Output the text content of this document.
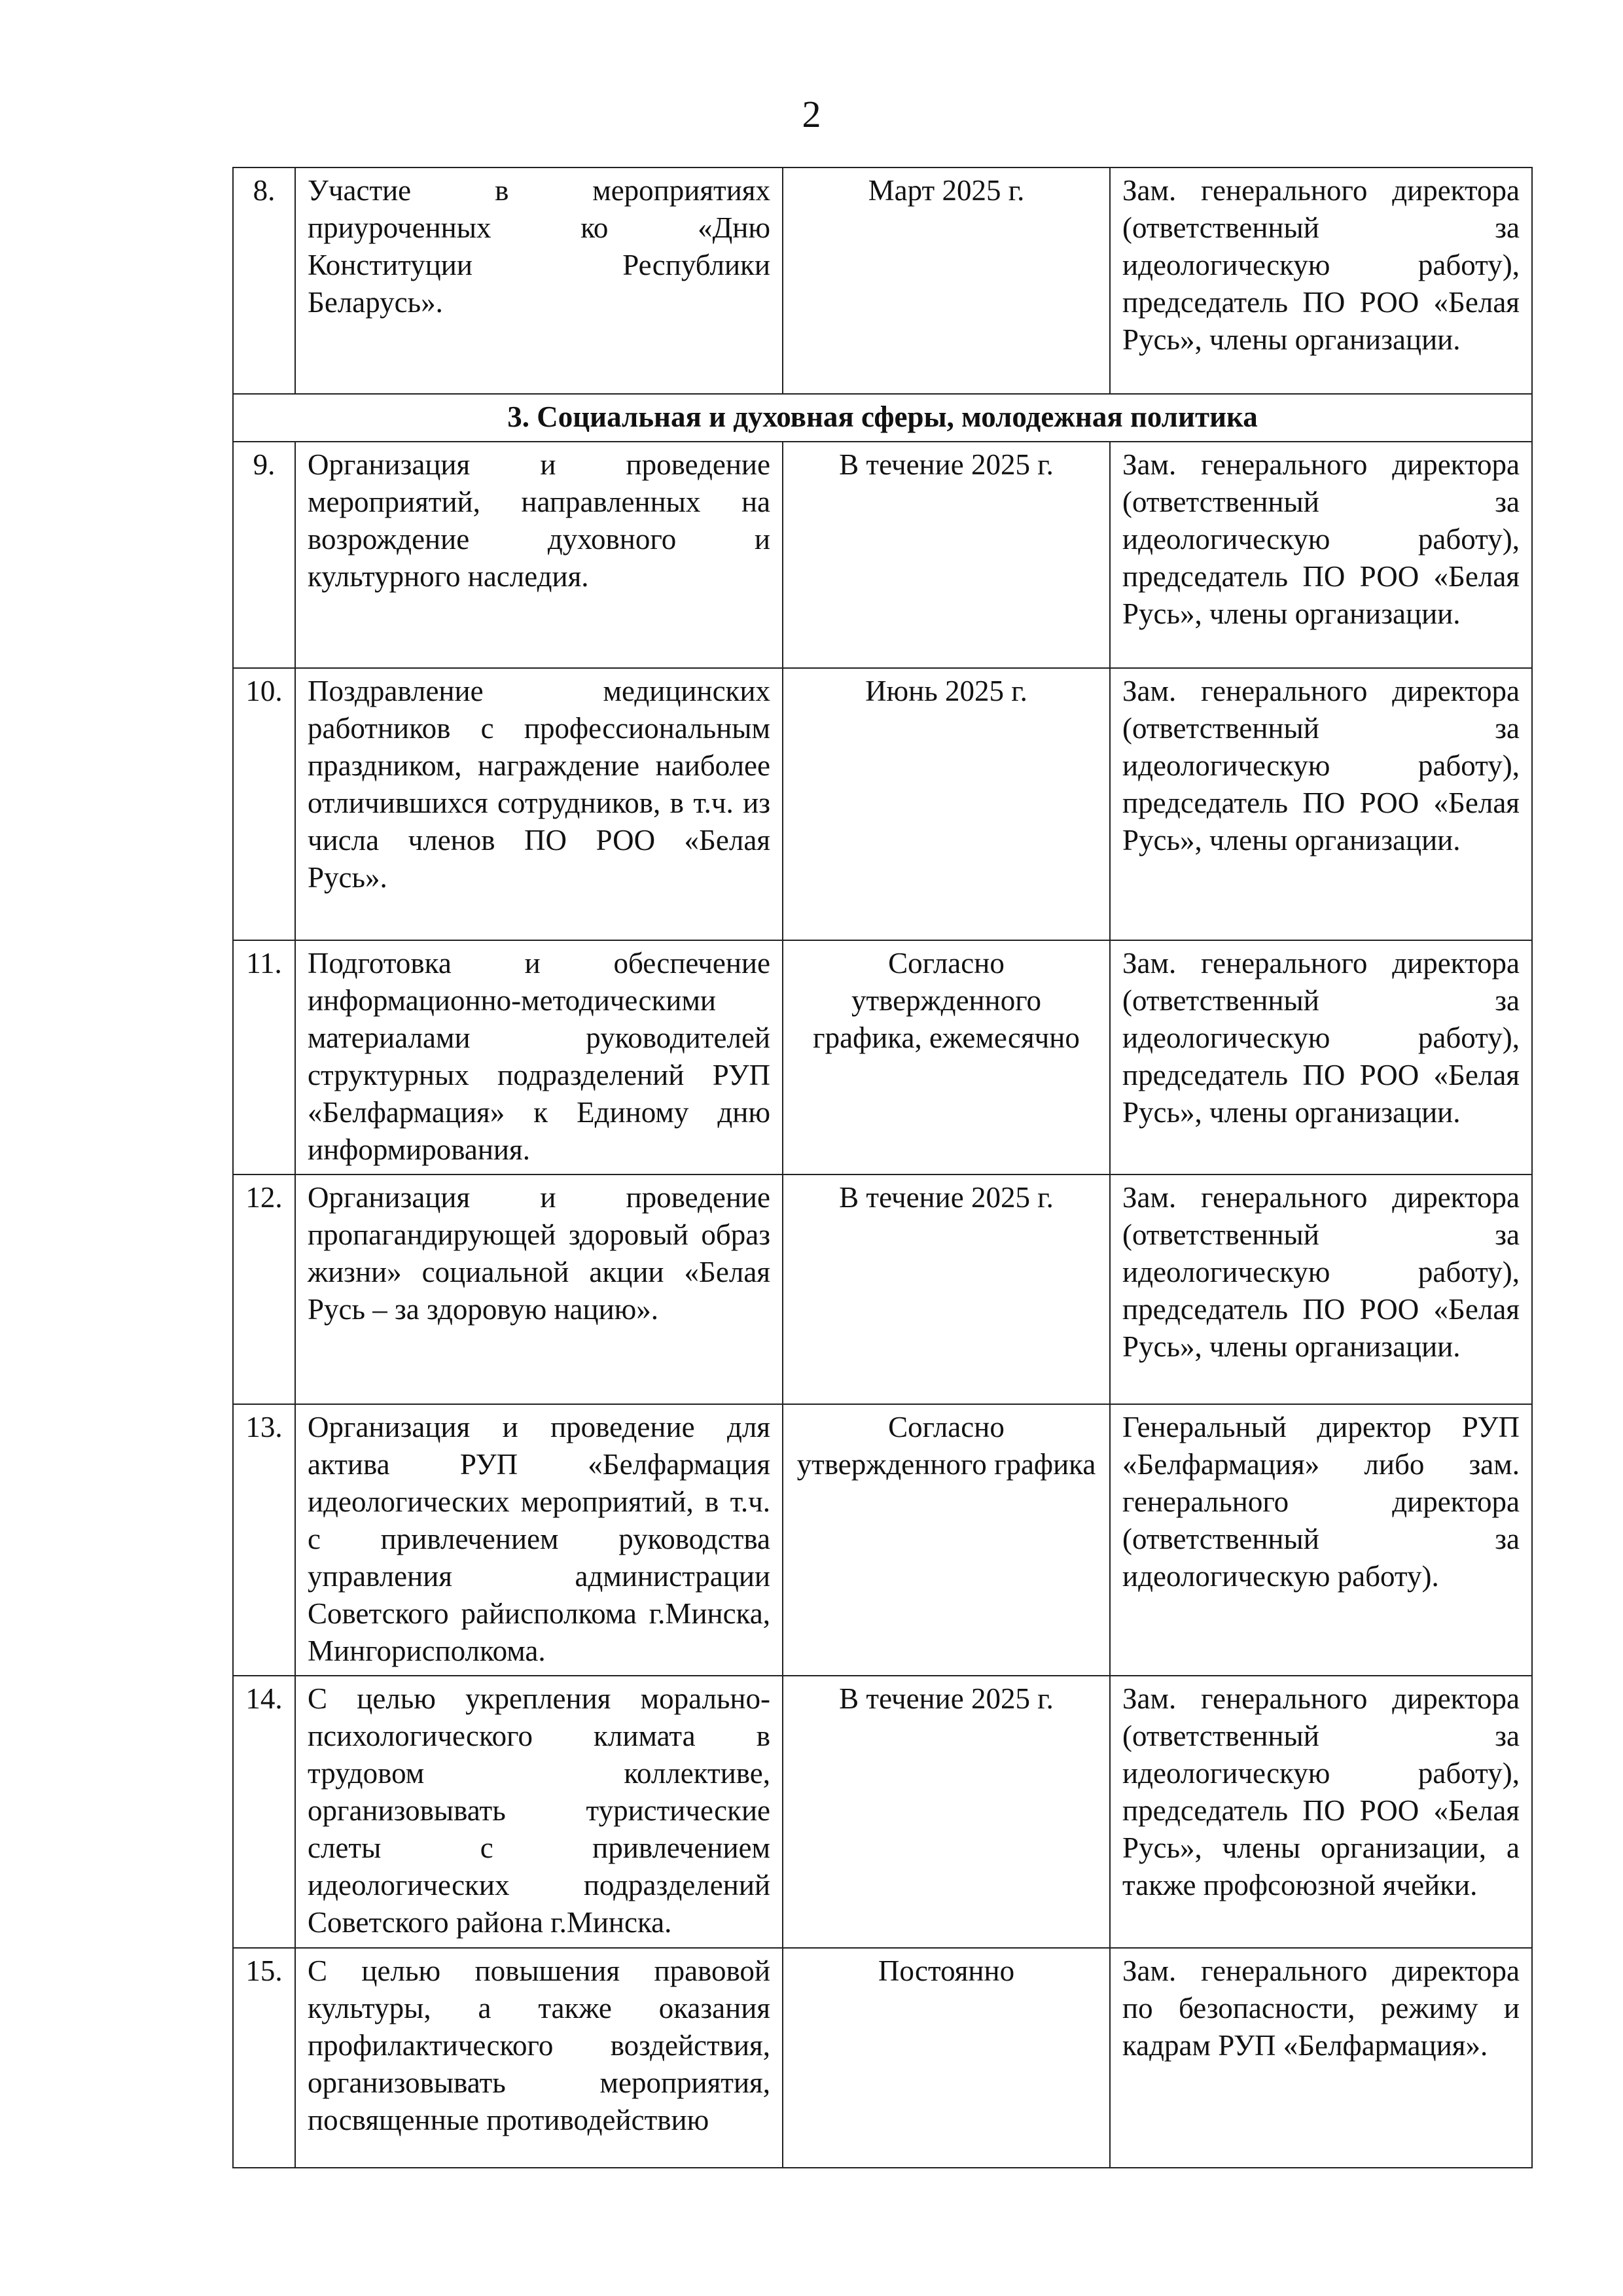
2
8.	Участие в мероприятиях приуроченных ко «Дню Конституции Республики Беларусь».	Март 2025 г.	Зам. генерального директора (ответственный за идеологическую работу), председатель ПО РОО «Белая Русь», члены организации.
3. Социальная и духовная сферы, молодежная политика			
9.	Организация и проведение мероприятий, направленных на возрождение духовного и культурного наследия.	В течение 2025 г.	Зам. генерального директора (ответственный за идеологическую работу), председатель ПО РОО «Белая Русь», члены организации.
10.	Поздравление медицинских работников с профессиональным праздником, награждение наиболее отличившихся сотрудников, в т.ч. из числа членов ПО РОО «Белая Русь».	Июнь 2025 г.	Зам. генерального директора (ответственный за идеологическую работу), председатель ПО РОО «Белая Русь», члены организации.
11.	Подготовка и обеспечение информационно-методическими материалами руководителей структурных подразделений РУП «Белфармация» к Единому дню информирования.	Согласно утвержденного графика, ежемесячно	Зам. генерального директора (ответственный за идеологическую работу), председатель ПО РОО «Белая Русь», члены организации.
12.	Организация и проведение пропагандирующей здоровый образ жизни» социальной акции «Белая Русь – за здоровую нацию».	В течение 2025 г.	Зам. генерального директора (ответственный за идеологическую работу), председатель ПО РОО «Белая Русь», члены организации.
13.	Организация и проведение для актива РУП «Белфармация идеологических мероприятий, в т.ч. с привлечением руководства управления администрации Советского райисполкома г.Минска, Мингорисполкома.	Согласно утвержденного графика	Генеральный директор РУП «Белфармация» либо зам. генерального директора (ответственный за идеологическую работу).
14.	С целью укрепления морально-психологического климата в трудовом коллективе, организовывать туристические слеты с привлечением идеологических подразделений Советского района г.Минска.	В течение 2025 г.	Зам. генерального директора (ответственный за идеологическую работу), председатель ПО РОО «Белая Русь», члены организации, а также профсоюзной ячейки.
15.	С целью повышения правовой культуры, а также оказания профилактического воздействия, организовывать мероприятия, посвященные противодействию	Постоянно	Зам. генерального директора по безопасности, режиму и кадрам РУП «Белфармация».
